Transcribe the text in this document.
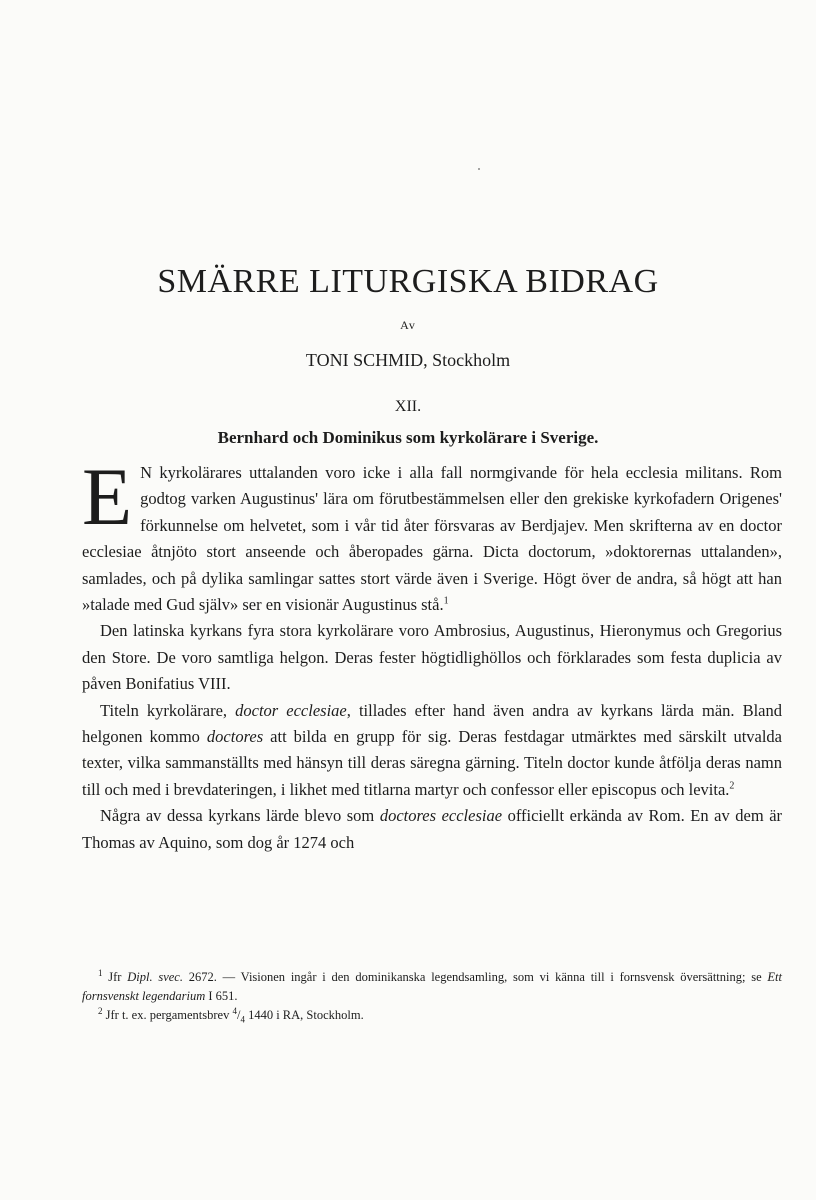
SMÄRRE LITURGISKA BIDRAG
Av
TONI SCHMID, Stockholm
XII.
Bernhard och Dominikus som kyrkolärare i Sverige.

E N kyrkolärares uttalanden voro icke i alla fall normgivande för hela ecclesia militans. Rom godtog varken Augustinus' lära om förutbestämmelsen eller den grekiske kyrkofadern Origenes' förkunnelse om helvetet, som i vår tid åter försvaras av Berdjajev. Men skrifterna av en doctor ecclesiae åtnjöto stort anseende och åberopades gärna. Dicta doctorum, »doktorernas uttalanden», samlades, och på dylika samlingar sattes stort värde även i Sverige. Högt över de andra, så högt att han »talade med Gud själv» ser en visionär Augustinus stå.$^1$

Den latinska kyrkans fyra stora kyrkolärare voro Ambrosius, Augustinus, Hieronymus och Gregorius den Store. De voro samtliga helgon. Deras fester högtidlighöllos och förklarades som festa duplicia av påven Bonifatius VIII.

Titeln kyrkolärare, doctor ecclesiae, tillades efter hand även andra av kyrkans lärda män. Bland helgonen kommo doctores att bilda en grupp för sig. Deras festdagar utmärktes med särskilt utvalda texter, vilka sammanställts med hänsyn till deras säregna gärning. Titeln doctor kunde åtfölja deras namn till och med i brevdateringen, i likhet med titlarna martyr och confessor eller episcopus och levita.$^2$

Några av dessa kyrkans lärde blevo som doctores ecclesiae officiellt erkända av Rom. En av dem är Thomas av Aquino, som dog år 1274 och

$^1$ Jfr Dipl. svec. 2672. — Visionen ingår i den dominikanska legendsamling, som vi känna till i fornsvensk översättning; se Ett fornsvenskt legendarium I 651.

$^2$ Jfr t. ex. pergamentsbrev $^4/_4$ 1440 i RA, Stockholm.
